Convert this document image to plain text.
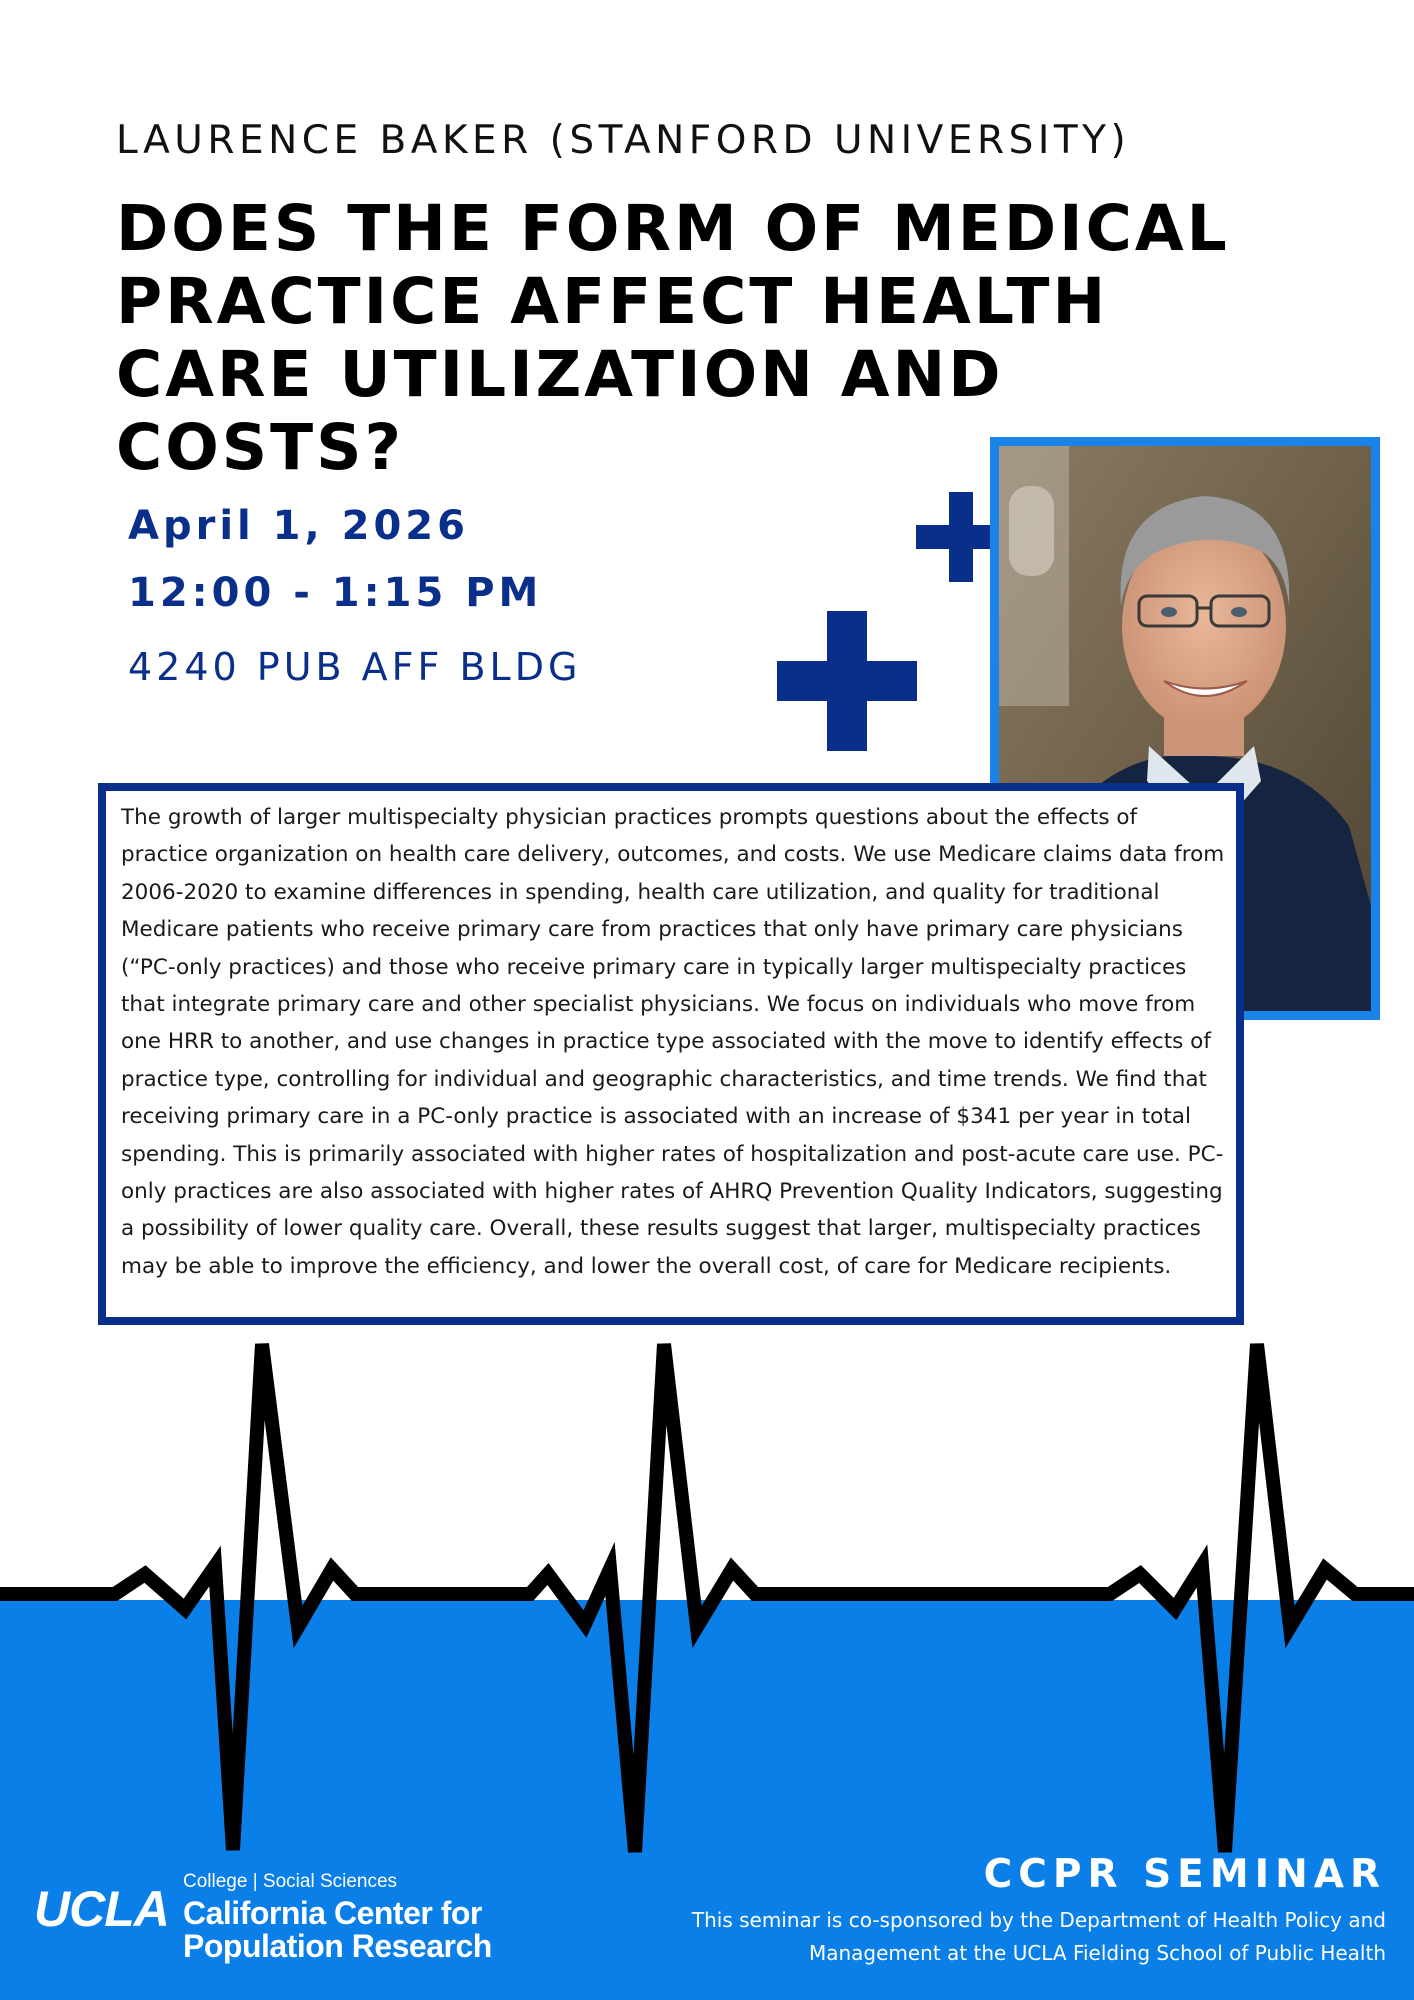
LAURENCE BAKER (STANFORD UNIVERSITY)
DOES THE FORM OF MEDICAL PRACTICE AFFECT HEALTH CARE UTILIZATION AND COSTS?
April 1, 2026
12:00 - 1:15 PM
4240 PUB AFF BLDG

The growth of larger multispecialty physician practices prompts questions about the effects of practice organization on health care delivery, outcomes, and costs. We use Medicare claims data from 2006-2020 to examine differences in spending, health care utilization, and quality for traditional Medicare patients who receive primary care from practices that only have primary care physicians (“PC-only practices) and those who receive primary care in typically larger multispecialty practices that integrate primary care and other specialist physicians. We focus on individuals who move from one HRR to another, and use changes in practice type associated with the move to identify effects of practice type, controlling for individual and geographic characteristics, and time trends. We find that receiving primary care in a PC-only practice is associated with an increase of $341 per year in total spending. This is primarily associated with higher rates of hospitalization and post-acute care use. PC-only practices are also associated with higher rates of AHRQ Prevention Quality Indicators, suggesting a possibility of lower quality care. Overall, these results suggest that larger, multispecialty practices may be able to improve the efficiency, and lower the overall cost, of care for Medicare recipients.

UCLA College | Social Sciences
California Center for
Population Research
CCPR SEMINAR
This seminar is co-sponsored by the Department of Health Policy and Management at the UCLA Fielding School of Public Health
